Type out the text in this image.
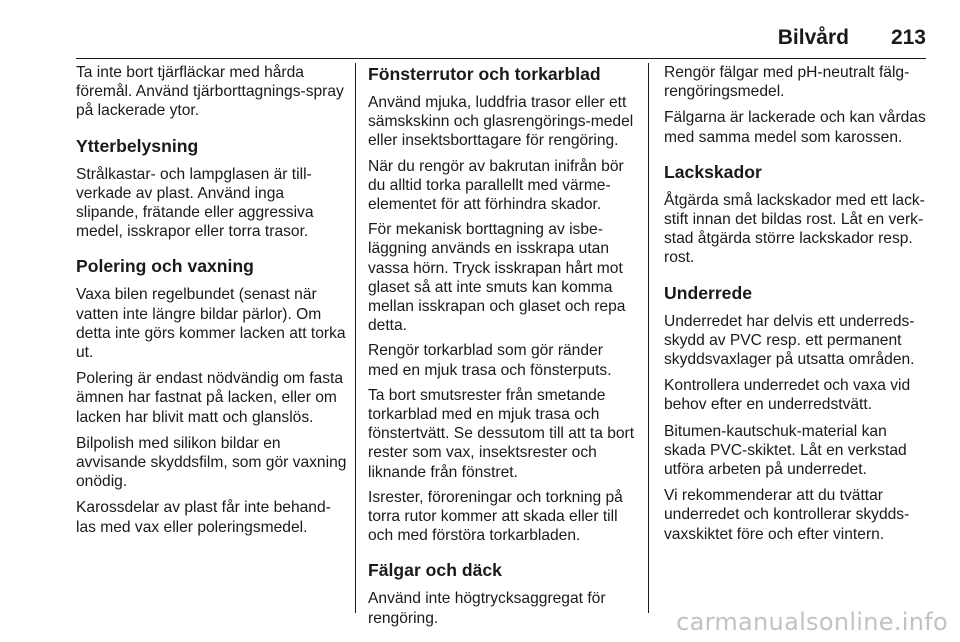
Bilvård 213

Ta inte bort tjärfläckar med hårda föremål. Använd tjärborttagnings-spray på lackerade ytor.

Ytterbelysning

Strålkastar- och lampglasen är till-verkade av plast. Använd inga slipande, frätande eller aggressiva medel, isskrapor eller torra trasor.

Polering och vaxning

Vaxa bilen regelbundet (senast när vatten inte längre bildar pärlor). Om detta inte görs kommer lacken att torka ut.

Polering är endast nödvändig om fasta ämnen har fastnat på lacken, eller om lacken har blivit matt och glanslös.

Bilpolish med silikon bildar en avvisande skyddsfilm, som gör vaxning onödig.

Karossdelar av plast får inte behand-las med vax eller poleringsmedel.

Fönsterrutor och torkarblad

Använd mjuka, luddfria trasor eller ett sämskskinn och glasrengörings-medel eller insektsborttagare för rengöring.

När du rengör av bakrutan inifrån bör du alltid torka parallellt med värme-elementet för att förhindra skador.

För mekanisk borttagning av isbe-läggning används en isskrapa utan vassa hörn. Tryck isskrapan hårt mot glaset så att inte smuts kan komma mellan isskrapan och glaset och repa detta.

Rengör torkarblad som gör ränder med en mjuk trasa och fönsterputs.

Ta bort smutsrester från smetande torkarblad med en mjuk trasa och fönstertvätt. Se dessutom till att ta bort rester som vax, insektsrester och liknande från fönstret.

Isrester, föroreningar och torkning på torra rutor kommer att skada eller till och med förstöra torkarbladen.

Fälgar och däck

Använd inte högtrycksaggregat för rengöring.

Rengör fälgar med pH-neutralt fälg-rengöringsmedel.

Fälgarna är lackerade och kan vårdas med samma medel som karossen.

Lackskador

Åtgärda små lackskador med ett lack-stift innan det bildas rost. Låt en verk-stad åtgärda större lackskador resp. rost.

Underrede

Underredet har delvis ett underreds-skydd av PVC resp. ett permanent skyddsvaxlager på utsatta områden.

Kontrollera underredet och vaxa vid behov efter en underredstvätt.

Bitumen-kautschuk-material kan skada PVC-skiktet. Låt en verkstad utföra arbeten på underredet.

Vi rekommenderar att du tvättar underredet och kontrollerar skydds-vaxskiktet före och efter vintern.

carmanualsonline.info
